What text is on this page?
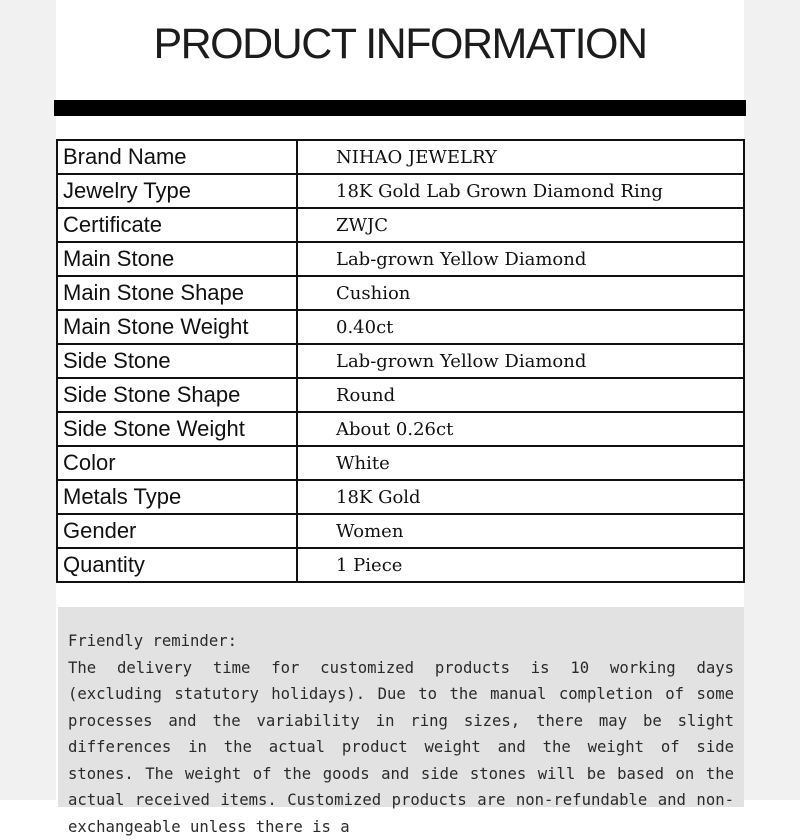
PRODUCT INFORMATION
Brand Name	NIHAO JEWELRY
Jewelry Type	18K Gold Lab Grown Diamond Ring
Certificate	ZWJC
Main Stone	Lab-grown Yellow Diamond
Main Stone Shape	Cushion
Main Stone Weight	0.40ct
Side Stone	Lab-grown Yellow Diamond
Side Stone Shape	Round
Side Stone Weight	About 0.26ct
Color	White
Metals Type	18K Gold
Gender	Women
Quantity	1 Piece

Friendly reminder:

The delivery time for customized products is 10 working days (excluding statutory holidays). Due to the manual completion of some processes and the variability in ring sizes, there may be slight differences in the actual product weight and the weight of side stones. The weight of the goods and side stones will be based on the actual received items. Customized products are non-refundable and non-exchangeable unless there is a
